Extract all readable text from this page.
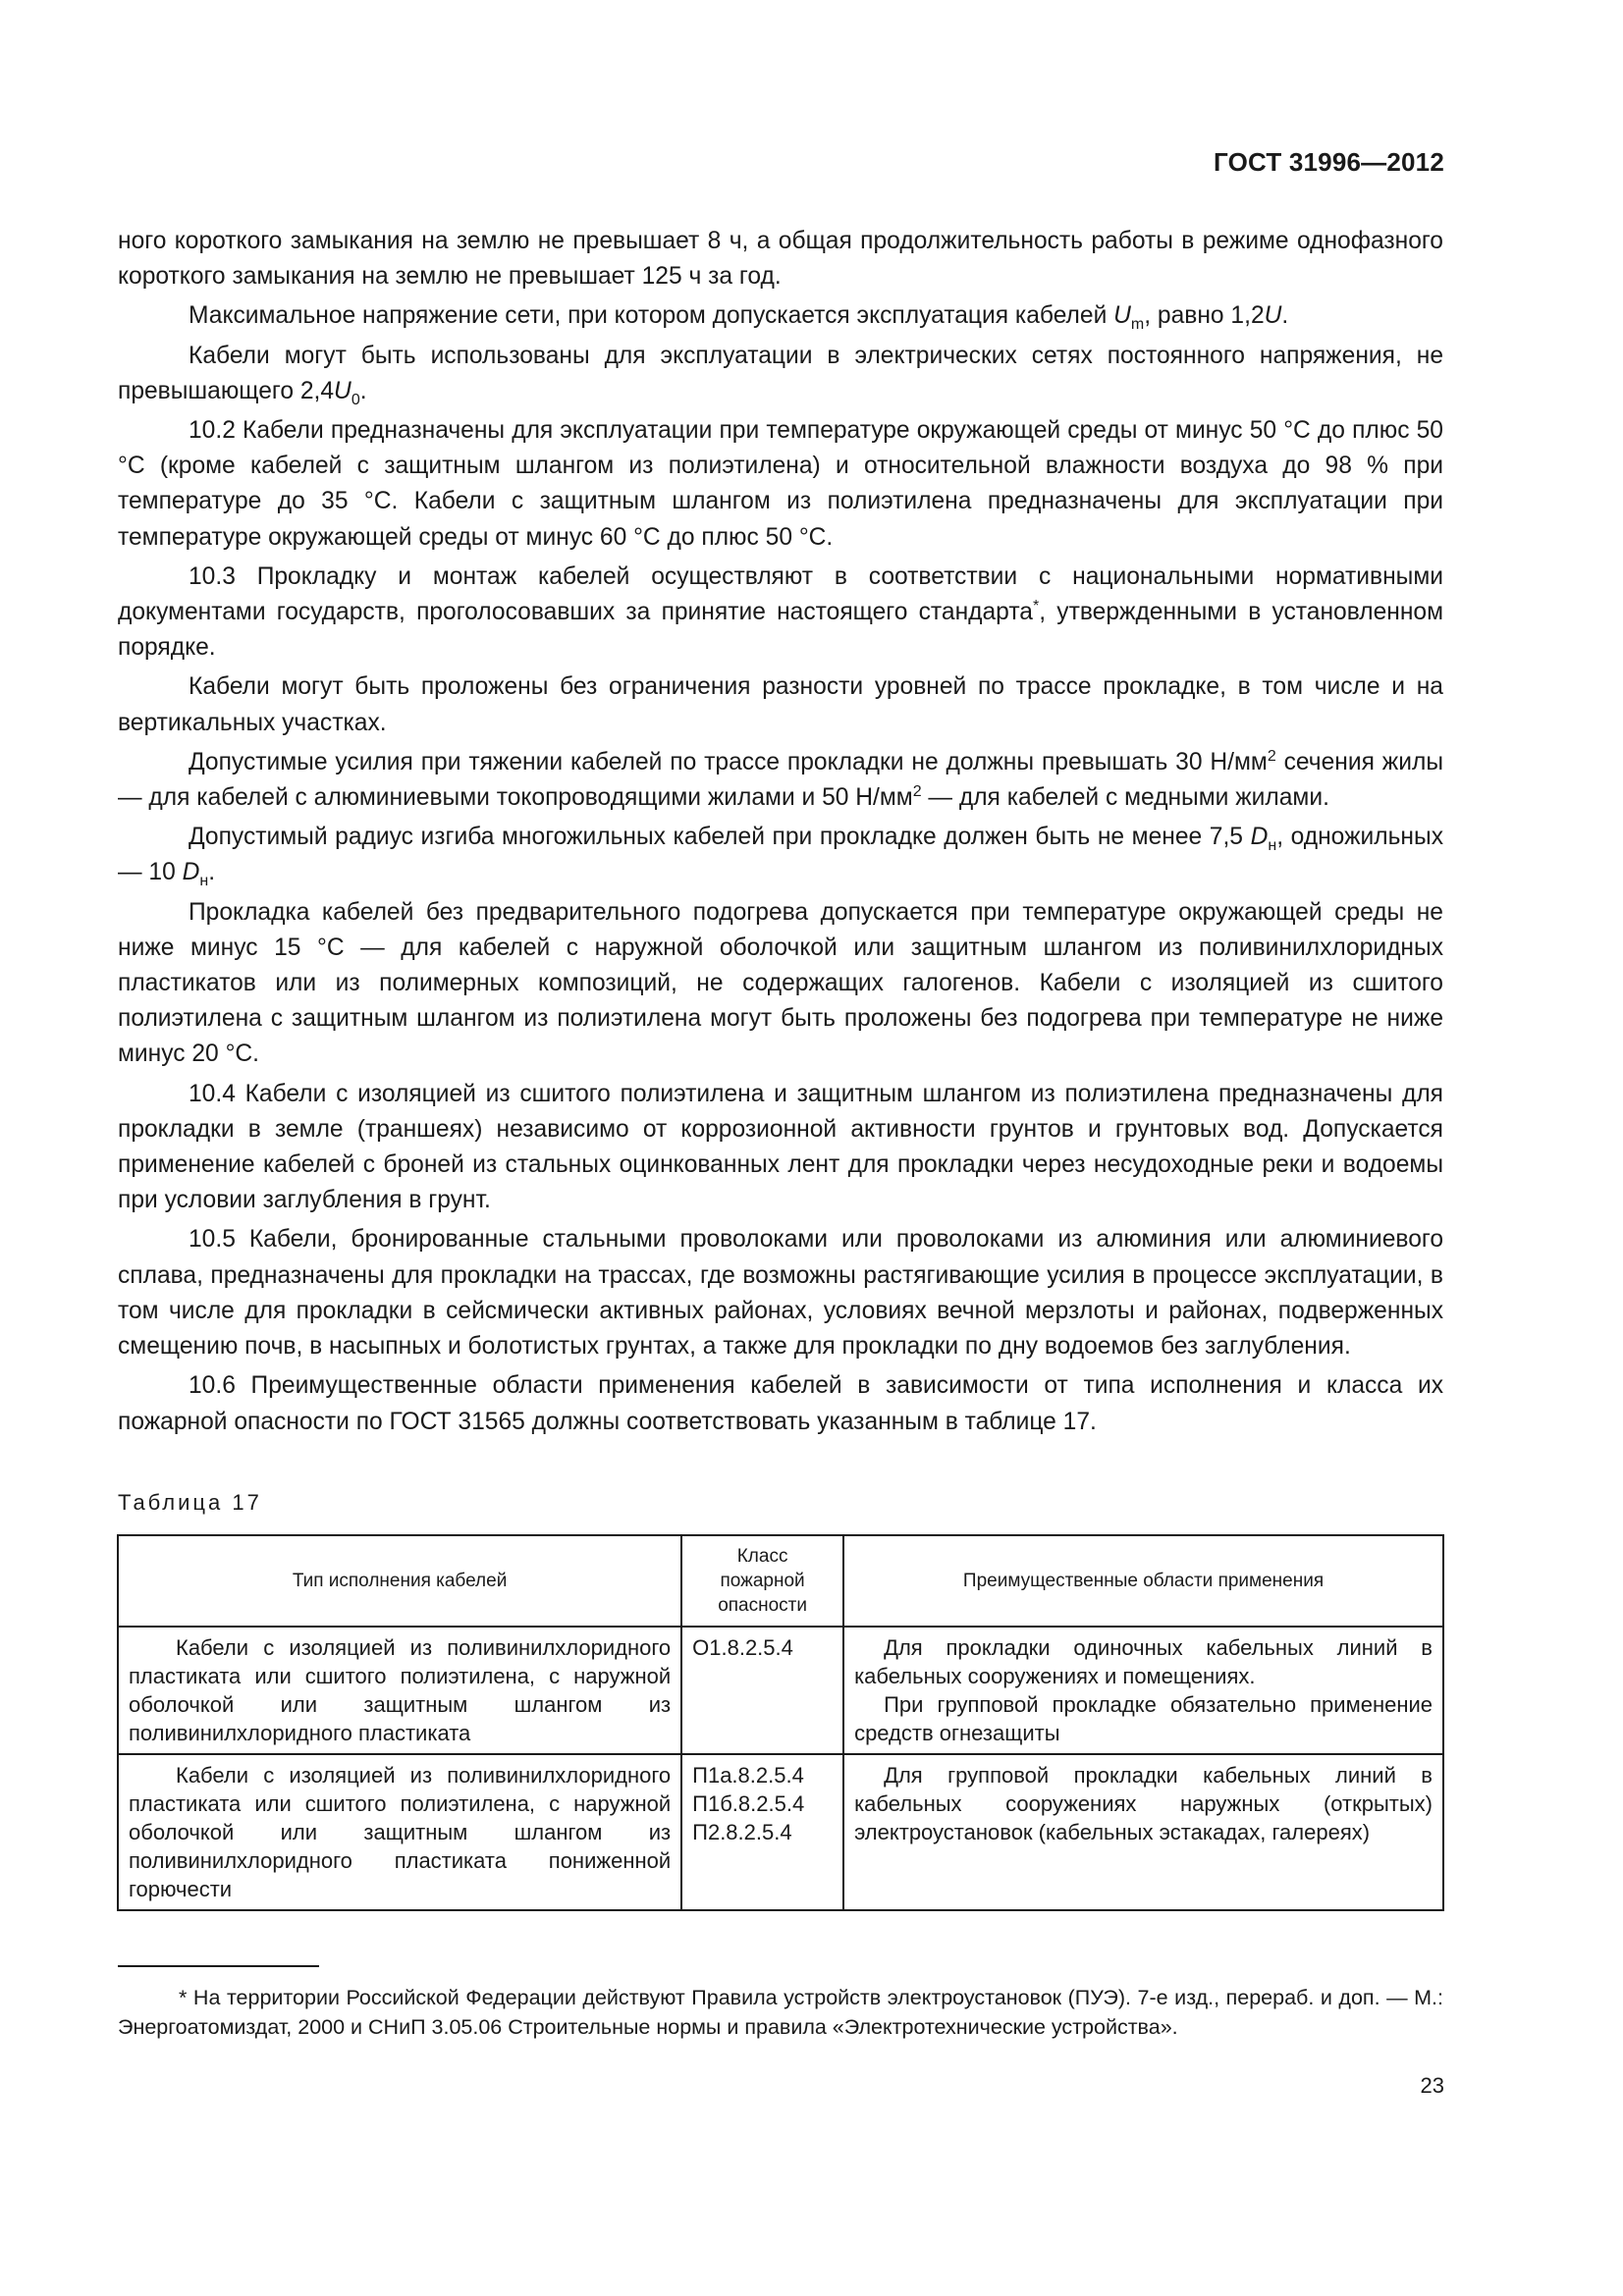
ГОСТ 31996—2012

ного короткого замыкания на землю не превышает 8 ч, а общая продолжительность работы в режиме однофазного короткого замыкания на землю не превышает 125 ч за год.

Максимальное напряжение сети, при котором допускается эксплуатация кабелей $U_m$, равно 1,2U.

Кабели могут быть использованы для эксплуатации в электрических сетях постоянного напряжения, не превышающего $2,4U_0$.

10.2 Кабели предназначены для эксплуатации при температуре окружающей среды от минус 50 °С до плюс 50 °С (кроме кабелей с защитным шлангом из полиэтилена) и относительной влажности воздуха до 98 % при температуре до 35 °С. Кабели с защитным шлангом из полиэтилена предназначены для эксплуатации при температуре окружающей среды от минус 60 °С до плюс 50 °С.

10.3 Прокладку и монтаж кабелей осуществляют в соответствии с национальными нормативными документами государств, проголосовавших за принятие настоящего стандарта*, утвержденными в установленном порядке.

Кабели могут быть проложены без ограничения разности уровней по трассе прокладке, в том числе и на вертикальных участках.

Допустимые усилия при тяжении кабелей по трассе прокладки не должны превышать 30 $Н/мм^2$ сечения жилы — для кабелей с алюминиевыми токопроводящими жилами и 50 $Н/мм^2$ — для кабелей с медными жилами.

Допустимый радиус изгиба многожильных кабелей при прокладке должен быть не менее 7,5 $D_н$, одножильных — 10 $D_н$.

Прокладка кабелей без предварительного подогрева допускается при температуре окружающей среды не ниже минус 15 °С — для кабелей с наружной оболочкой или защитным шлангом из поливинилхлоридных пластикатов или из полимерных композиций, не содержащих галогенов. Кабели с изоляцией из сшитого полиэтилена с защитным шлангом из полиэтилена могут быть проложены без подогрева при температуре не ниже минус 20 °С.

10.4 Кабели с изоляцией из сшитого полиэтилена и защитным шлангом из полиэтилена предназначены для прокладки в земле (траншеях) независимо от коррозионной активности грунтов и грунтовых вод. Допускается применение кабелей с броней из стальных оцинкованных лент для прокладки через несудоходные реки и водоемы при условии заглубления в грунт.

10.5 Кабели, бронированные стальными проволоками или проволоками из алюминия или алюминиевого сплава, предназначены для прокладки на трассах, где возможны растягивающие усилия в процессе эксплуатации, в том числе для прокладки в сейсмически активных районах, условиях вечной мерзлоты и районах, подверженных смещению почв, в насыпных и болотистых грунтах, а также для прокладки по дну водоемов без заглубления.

10.6 Преимущественные области применения кабелей в зависимости от типа исполнения и класса их пожарной опасности по ГОСТ 31565 должны соответствовать указанным в таблице 17.

Таблица 17
Тип исполнения кабелей	Класс
пожарной
опасности	Преимущественные области применения
Кабели с изоляцией из поливинилхлоридного пластиката или сшитого полиэтилена, с наружной оболочкой или защитным шлангом из поливинилхлоридного пластиката	О1.8.2.5.4	Для прокладки одиночных кабельных линий в кабельных сооружениях и помещениях.
При групповой прокладке обязательно применение средств огнезащиты

Кабели с изоляцией из поливинилхлоридного пластиката или сшитого полиэтилена, с наружной оболочкой или защитным шлангом из поливинилхлоридного пластиката пониженной горючести	П1а.8.2.5.4
П1б.8.2.5.4
П2.8.2.5.4	Для групповой прокладки кабельных линий в кабельных сооружениях наружных (открытых) электроустановок (кабельных эстакадах, галереях)
* На территории Российской Федерации действуют Правила устройств электроустановок (ПУЭ). 7-е изд., перераб. и доп. — М.: Энергоатомиздат, 2000 и СНиП 3.05.06 Строительные нормы и правила «Электротехнические устройства».
23
